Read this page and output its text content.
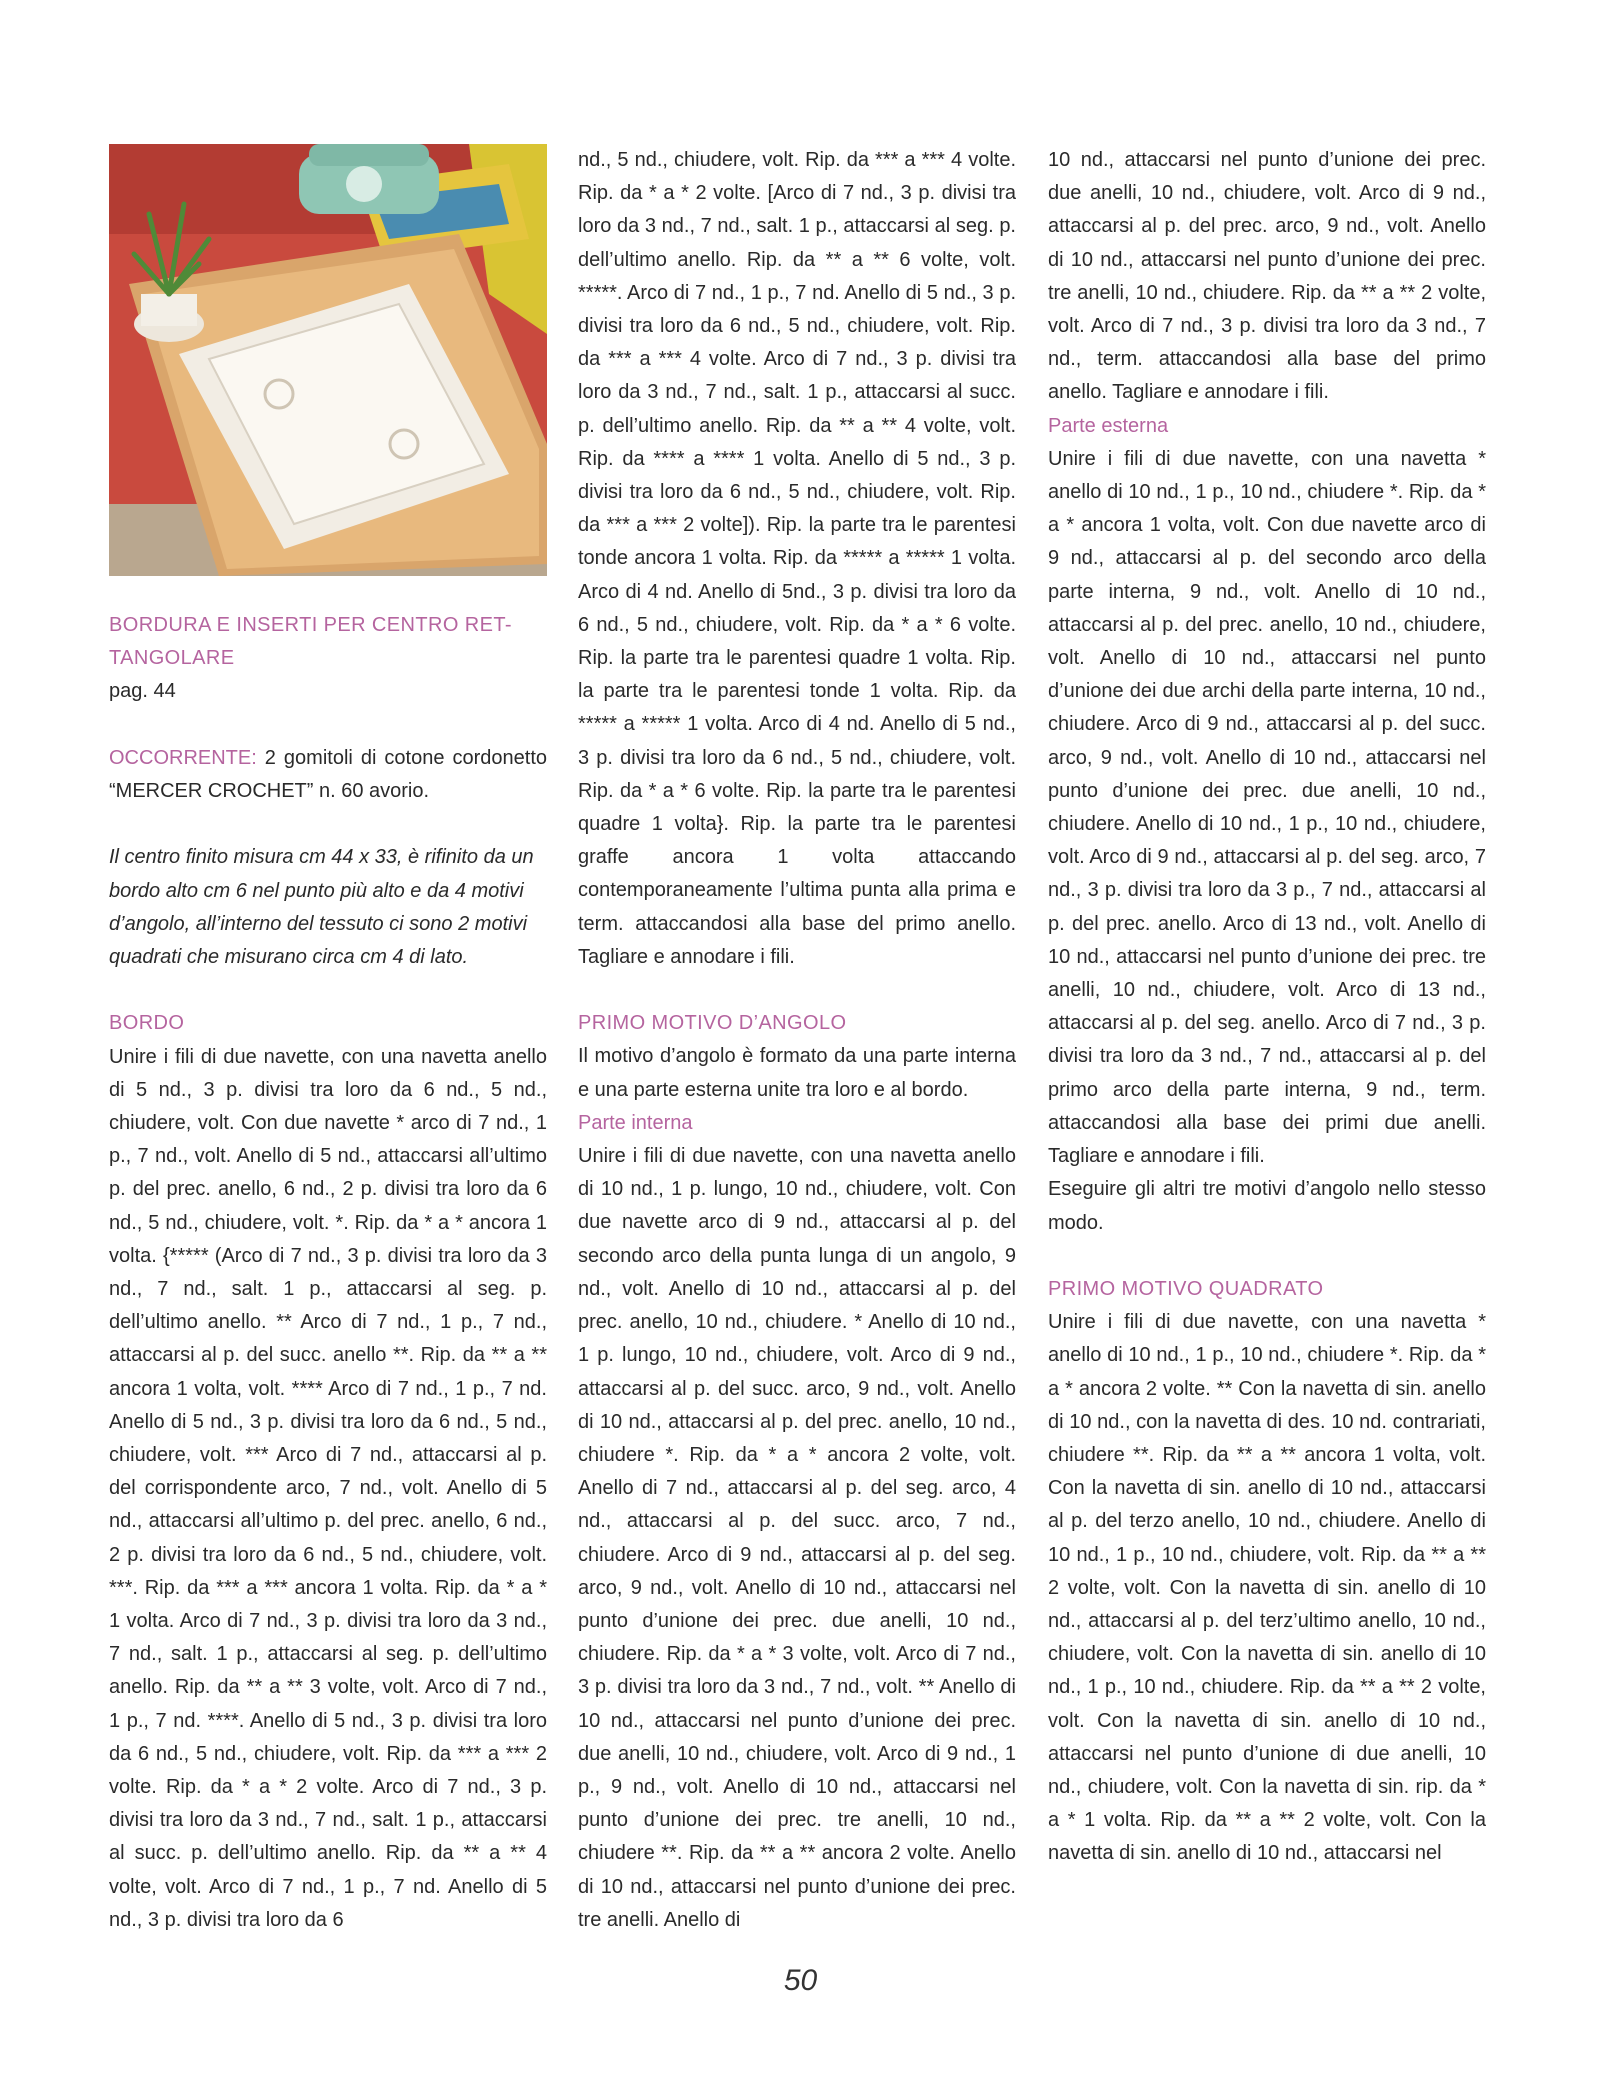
BORDURA E INSERTI PER CENTRO RET-TANGOLARE

pag. 44

OCCORRENTE: 2 gomitoli di cotone cordonetto “MERCER CROCHET” n. 60 avorio.

Il centro finito misura cm 44 x 33, è rifinito da un bordo alto cm 6 nel punto più alto e da 4 motivi d’angolo, all’interno del tessuto ci sono 2 motivi quadrati che misurano circa cm 4 di lato.

BORDO

Unire i fili di due navette, con una navetta anello di 5 nd., 3 p. divisi tra loro da 6 nd., 5 nd., chiudere, volt. Con due navette * arco di 7 nd., 1 p., 7 nd., volt. Anello di 5 nd., attaccarsi all’ultimo p. del prec. anello, 6 nd., 2 p. divisi tra loro da 6 nd., 5 nd., chiudere, volt. *. Rip. da * a * ancora 1 volta. {***** (Arco di 7 nd., 3 p. divisi tra loro da 3 nd., 7 nd., salt. 1 p., attaccarsi al seg. p. dell’ultimo anello. ** Arco di 7 nd., 1 p., 7 nd., attaccarsi al p. del succ. anello **. Rip. da ** a ** ancora 1 volta, volt. **** Arco di 7 nd., 1 p., 7 nd. Anello di 5 nd., 3 p. divisi tra loro da 6 nd., 5 nd., chiudere, volt. *** Arco di 7 nd., attaccarsi al p. del corrispondente arco, 7 nd., volt. Anello di 5 nd., attaccarsi all’ultimo p. del prec. anello, 6 nd., 2 p. divisi tra loro da 6 nd., 5 nd., chiudere, volt. ***. Rip. da *** a *** ancora 1 volta. Rip. da * a * 1 volta. Arco di 7 nd., 3 p. divisi tra loro da 3 nd., 7 nd., salt. 1 p., attaccarsi al seg. p. dell’ultimo anello. Rip. da ** a ** 3 volte, volt. Arco di 7 nd., 1 p., 7 nd. ****. Anello di 5 nd., 3 p. divisi tra loro da 6 nd., 5 nd., chiudere, volt. Rip. da *** a *** 2 volte. Rip. da * a * 2 volte. Arco di 7 nd., 3 p. divisi tra loro da 3 nd., 7 nd., salt. 1 p., attaccarsi al succ. p. dell’ultimo anello. Rip. da ** a ** 4 volte, volt. Arco di 7 nd., 1 p., 7 nd. Anello di 5 nd., 3 p. divisi tra loro da 6

nd., 5 nd., chiudere, volt. Rip. da *** a *** 4 volte. Rip. da * a * 2 volte. [Arco di 7 nd., 3 p. divisi tra loro da 3 nd., 7 nd., salt. 1 p., attaccarsi al seg. p. dell’ultimo anello. Rip. da ** a ** 6 volte, volt. *****. Arco di 7 nd., 1 p., 7 nd. Anello di 5 nd., 3 p. divisi tra loro da 6 nd., 5 nd., chiudere, volt. Rip. da *** a *** 4 volte. Arco di 7 nd., 3 p. divisi tra loro da 3 nd., 7 nd., salt. 1 p., attaccarsi al succ. p. dell’ultimo anello. Rip. da ** a ** 4 volte, volt. Rip. da **** a **** 1 volta. Anello di 5 nd., 3 p. divisi tra loro da 6 nd., 5 nd., chiudere, volt. Rip. da *** a *** 2 volte]). Rip. la parte tra le parentesi tonde ancora 1 volta. Rip. da ***** a ***** 1 volta. Arco di 4 nd. Anello di 5nd., 3 p. divisi tra loro da 6 nd., 5 nd., chiudere, volt. Rip. da * a * 6 volte. Rip. la parte tra le parentesi quadre 1 volta. Rip. la parte tra le parentesi tonde 1 volta. Rip. da ***** a ***** 1 volta. Arco di 4 nd. Anello di 5 nd., 3 p. divisi tra loro da 6 nd., 5 nd., chiudere, volt. Rip. da * a * 6 volte. Rip. la parte tra le parentesi quadre 1 volta}. Rip. la parte tra le parentesi graffe ancora 1 volta attaccando contemporaneamente l’ultima punta alla prima e term. attaccandosi alla base del primo anello. Tagliare e annodare i fili.

PRIMO MOTIVO D’ANGOLO

Il motivo d’angolo è formato da una parte interna e una parte esterna unite tra loro e al bordo.

Parte interna

Unire i fili di due navette, con una navetta anello di 10 nd., 1 p. lungo, 10 nd., chiudere, volt. Con due navette arco di 9 nd., attaccarsi al p. del secondo arco della punta lunga di un angolo, 9 nd., volt. Anello di 10 nd., attaccarsi al p. del prec. anello, 10 nd., chiudere. * Anello di 10 nd., 1 p. lungo, 10 nd., chiudere, volt. Arco di 9 nd., attaccarsi al p. del succ. arco, 9 nd., volt. Anello di 10 nd., attaccarsi al p. del prec. anello, 10 nd., chiudere *. Rip. da * a * ancora 2 volte, volt. Anello di 7 nd., attaccarsi al p. del seg. arco, 4 nd., attaccarsi al p. del succ. arco, 7 nd., chiudere. Arco di 9 nd., attaccarsi al p. del seg. arco, 9 nd., volt. Anello di 10 nd., attaccarsi nel punto d’unione dei prec. due anelli, 10 nd., chiudere. Rip. da * a * 3 volte, volt. Arco di 7 nd., 3 p. divisi tra loro da 3 nd., 7 nd., volt. ** Anello di 10 nd., attaccarsi nel punto d’unione dei prec. due anelli, 10 nd., chiudere, volt. Arco di 9 nd., 1 p., 9 nd., volt. Anello di 10 nd., attaccarsi nel punto d’unione dei prec. tre anelli, 10 nd., chiudere **. Rip. da ** a ** ancora 2 volte. Anello di 10 nd., attaccarsi nel punto d’unione dei prec. tre anelli. Anello di

10 nd., attaccarsi nel punto d’unione dei prec. due anelli, 10 nd., chiudere, volt. Arco di 9 nd., attaccarsi al p. del prec. arco, 9 nd., volt. Anello di 10 nd., attaccarsi nel punto d’unione dei prec. tre anelli, 10 nd., chiudere. Rip. da ** a ** 2 volte, volt. Arco di 7 nd., 3 p. divisi tra loro da 3 nd., 7 nd., term. attaccandosi alla base del primo anello. Tagliare e annodare i fili.

Parte esterna

Unire i fili di due navette, con una navetta * anello di 10 nd., 1 p., 10 nd., chiudere *. Rip. da * a * ancora 1 volta, volt. Con due navette arco di 9 nd., attaccarsi al p. del secondo arco della parte interna, 9 nd., volt. Anello di 10 nd., attaccarsi al p. del prec. anello, 10 nd., chiudere, volt. Anello di 10 nd., attaccarsi nel punto d’unione dei due archi della parte interna, 10 nd., chiudere. Arco di 9 nd., attaccarsi al p. del succ. arco, 9 nd., volt. Anello di 10 nd., attaccarsi nel punto d’unione dei prec. due anelli, 10 nd., chiudere. Anello di 10 nd., 1 p., 10 nd., chiudere, volt. Arco di 9 nd., attaccarsi al p. del seg. arco, 7 nd., 3 p. divisi tra loro da 3 p., 7 nd., attaccarsi al p. del prec. anello. Arco di 13 nd., volt. Anello di 10 nd., attaccarsi nel punto d’unione dei prec. tre anelli, 10 nd., chiudere, volt. Arco di 13 nd., attaccarsi al p. del seg. anello. Arco di 7 nd., 3 p. divisi tra loro da 3 nd., 7 nd., attaccarsi al p. del primo arco della parte interna, 9 nd., term. attaccandosi alla base dei primi due anelli. Tagliare e annodare i fili.

Eseguire gli altri tre motivi d’angolo nello stesso modo.

PRIMO MOTIVO QUADRATO

Unire i fili di due navette, con una navetta * anello di 10 nd., 1 p., 10 nd., chiudere *. Rip. da * a * ancora 2 volte. ** Con la navetta di sin. anello di 10 nd., con la navetta di des. 10 nd. contrariati, chiudere **. Rip. da ** a ** ancora 1 volta, volt. Con la navetta di sin. anello di 10 nd., attaccarsi al p. del terzo anello, 10 nd., chiudere. Anello di 10 nd., 1 p., 10 nd., chiudere, volt. Rip. da ** a ** 2 volte, volt. Con la navetta di sin. anello di 10 nd., attaccarsi al p. del terz’ultimo anello, 10 nd., chiudere, volt. Con la navetta di sin. anello di 10 nd., 1 p., 10 nd., chiudere. Rip. da ** a ** 2 volte, volt. Con la navetta di sin. anello di 10 nd., attaccarsi nel punto d’unione di due anelli, 10 nd., chiudere, volt. Con la navetta di sin. rip. da * a * 1 volta. Rip. da ** a ** 2 volte, volt. Con la navetta di sin. anello di 10 nd., attaccarsi nel

50
